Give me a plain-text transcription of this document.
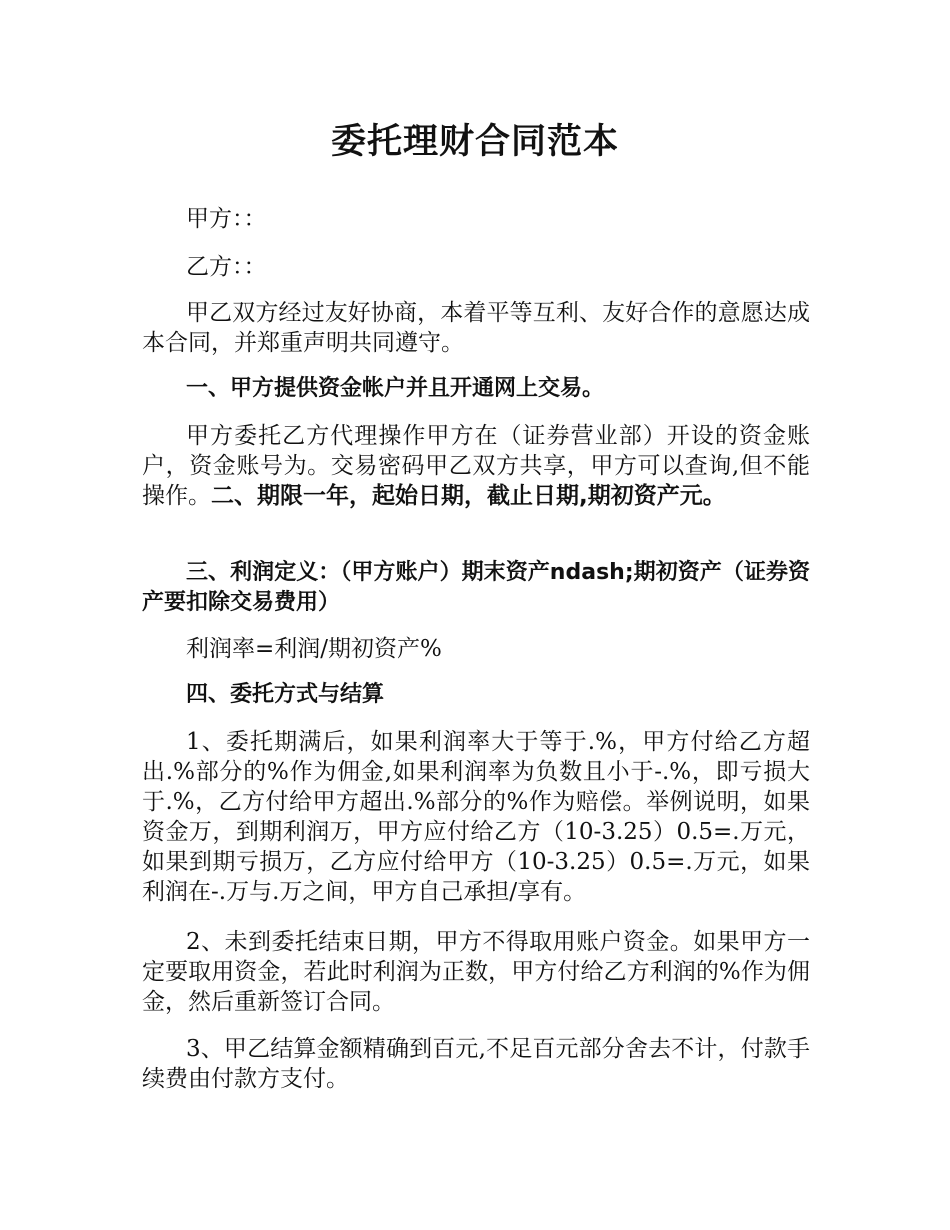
委托理财合同范本

甲方：：

乙方：：

甲乙双方经过友好协商，本着平等互利、友好合作的意愿达成本合同，并郑重声明共同遵守。

一、甲方提供资金帐户并且开通网上交易。

甲方委托乙方代理操作甲方在（证券营业部）开设的资金账户，资金账号为。交易密码甲乙双方共享，甲方可以查询,但不能操作。二、期限一年，起始日期，截止日期,期初资产元。

三、利润定义：（甲方账户）期末资产ndash;期初资产（证券资产要扣除交易费用）

利润率=利润/期初资产%

四、委托方式与结算

1、委托期满后，如果利润率大于等于.%，甲方付给乙方超出.%部分的%作为佣金,如果利润率为负数且小于-.%，即亏损大于.%，乙方付给甲方超出.%部分的%作为赔偿。举例说明，如果资金万，到期利润万，甲方应付给乙方（10-3.25）0.5=.万元，如果到期亏损万，乙方应付给甲方（10-3.25）0.5=.万元，如果利润在-.万与.万之间，甲方自己承担/享有。

2、未到委托结束日期，甲方不得取用账户资金。如果甲方一定要取用资金，若此时利润为正数，甲方付给乙方利润的%作为佣金，然后重新签订合同。

3、甲乙结算金额精确到百元,不足百元部分舍去不计，付款手续费由付款方支付。
